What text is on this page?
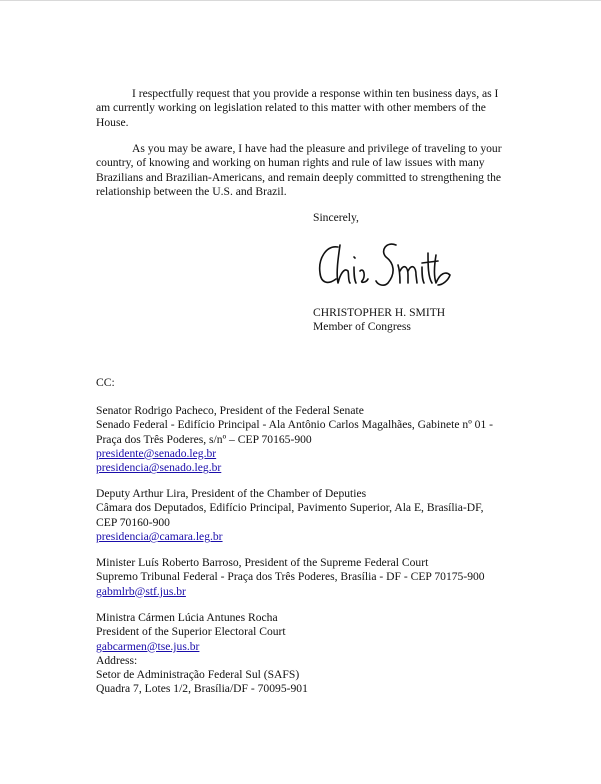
I respectfully request that you provide a response within ten business days, as I
am currently working on legislation related to this matter with other members of the
House.

As you may be aware, I have had the pleasure and privilege of traveling to your
country, of knowing and working on human rights and rule of law issues with many
Brazilians and Brazilian-Americans, and remain deeply committed to strengthening the
relationship between the U.S. and Brazil.

Sincerely,

CHRISTOPHER H. SMITH
Member of Congress

CC:

Senator Rodrigo Pacheco, President of the Federal Senate
Senado Federal - Edifício Principal - Ala Antônio Carlos Magalhães, Gabinete nº 01 -
Praça dos Três Poderes, s/nº – CEP 70165-900
presidente@senado.leg.br
presidencia@senado.leg.br
Deputy Arthur Lira, President of the Chamber of Deputies
Câmara dos Deputados, Edifício Principal, Pavimento Superior, Ala E, Brasília-DF,
CEP 70160-900
presidencia@camara.leg.br
Minister Luís Roberto Barroso, President of the Supreme Federal Court
Supremo Tribunal Federal - Praça dos Três Poderes, Brasília - DF - CEP 70175-900
gabmlrb@stf.jus.br
Ministra Cármen Lúcia Antunes Rocha
President of the Superior Electoral Court
gabcarmen@tse.jus.br
Address:
Setor de Administração Federal Sul (SAFS)
Quadra 7, Lotes 1/2, Brasília/DF - 70095-901
